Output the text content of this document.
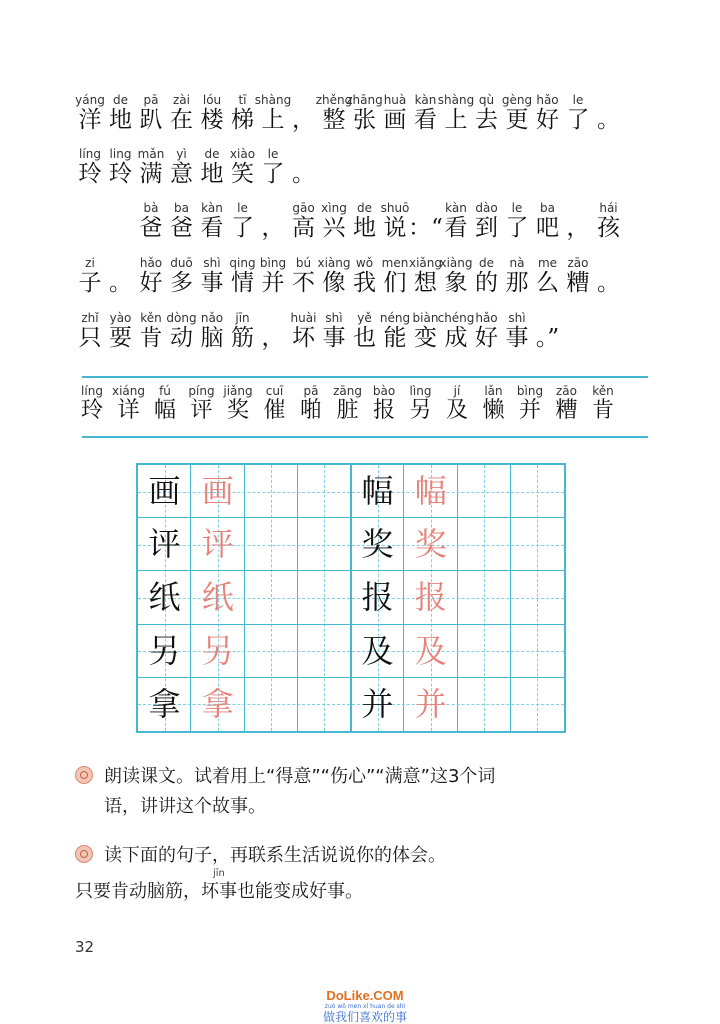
yáng
洋
de
地
pā
趴
zài
在
lóu
楼
tī
梯
shàng
上 ，
zhěng
整
zhāng
张
huà
画
kàn
看
shàng
上
qù
去
gèng
更
hǎo
好
le
了 。
líng
玲
ling
玲
mǎn
满
yì
意
de
地
xiào
笑
le
了 。
bà
爸
ba
爸
kàn
看
le
了 ，
gāo
高
xìng
兴
de
地
shuō
说 ：“
kàn
看
dào
到
le
了
ba
吧 ，
hái
孩
zi
子 。
hǎo
好
duō
多
shì
事
qing
情
bìng
并
bú
不
xiàng
像
wǒ
我
men
们
xiǎng
想
xiàng
象
de
的
nà
那
me
么
zāo
糟 。
zhǐ
只
yào
要
kěn
肯
dòng
动
nǎo
脑
jīn
筋 ，
huài
坏
shì
事
yě
也
néng
能
biàn
变
chéng
成
hǎo
好
shì
事 。”
líng
玲
xiáng
详
fú
幅
píng
评
jiǎng
奖
cuī
催
pā
啪
zāng
脏
bào
报
lìng
另
jí
及
lǎn
懒
bìng
并
zāo
糟
kěn
肯
画 画
评 评
纸 纸
另 另
拿 拿
幅 幅
奖 奖
报 报
及 及
并 并
朗读课文。试着用上“得意”“伤心”“满意”这3个词
语，讲讲这个故事。
读下面的句子，再联系生活说说你的体会。
jīn
只要肯动脑筋，坏事也能变成好事。
32
DoLike.COM
zuò wǒ men xǐ huan de shì
做我们喜欢的事
